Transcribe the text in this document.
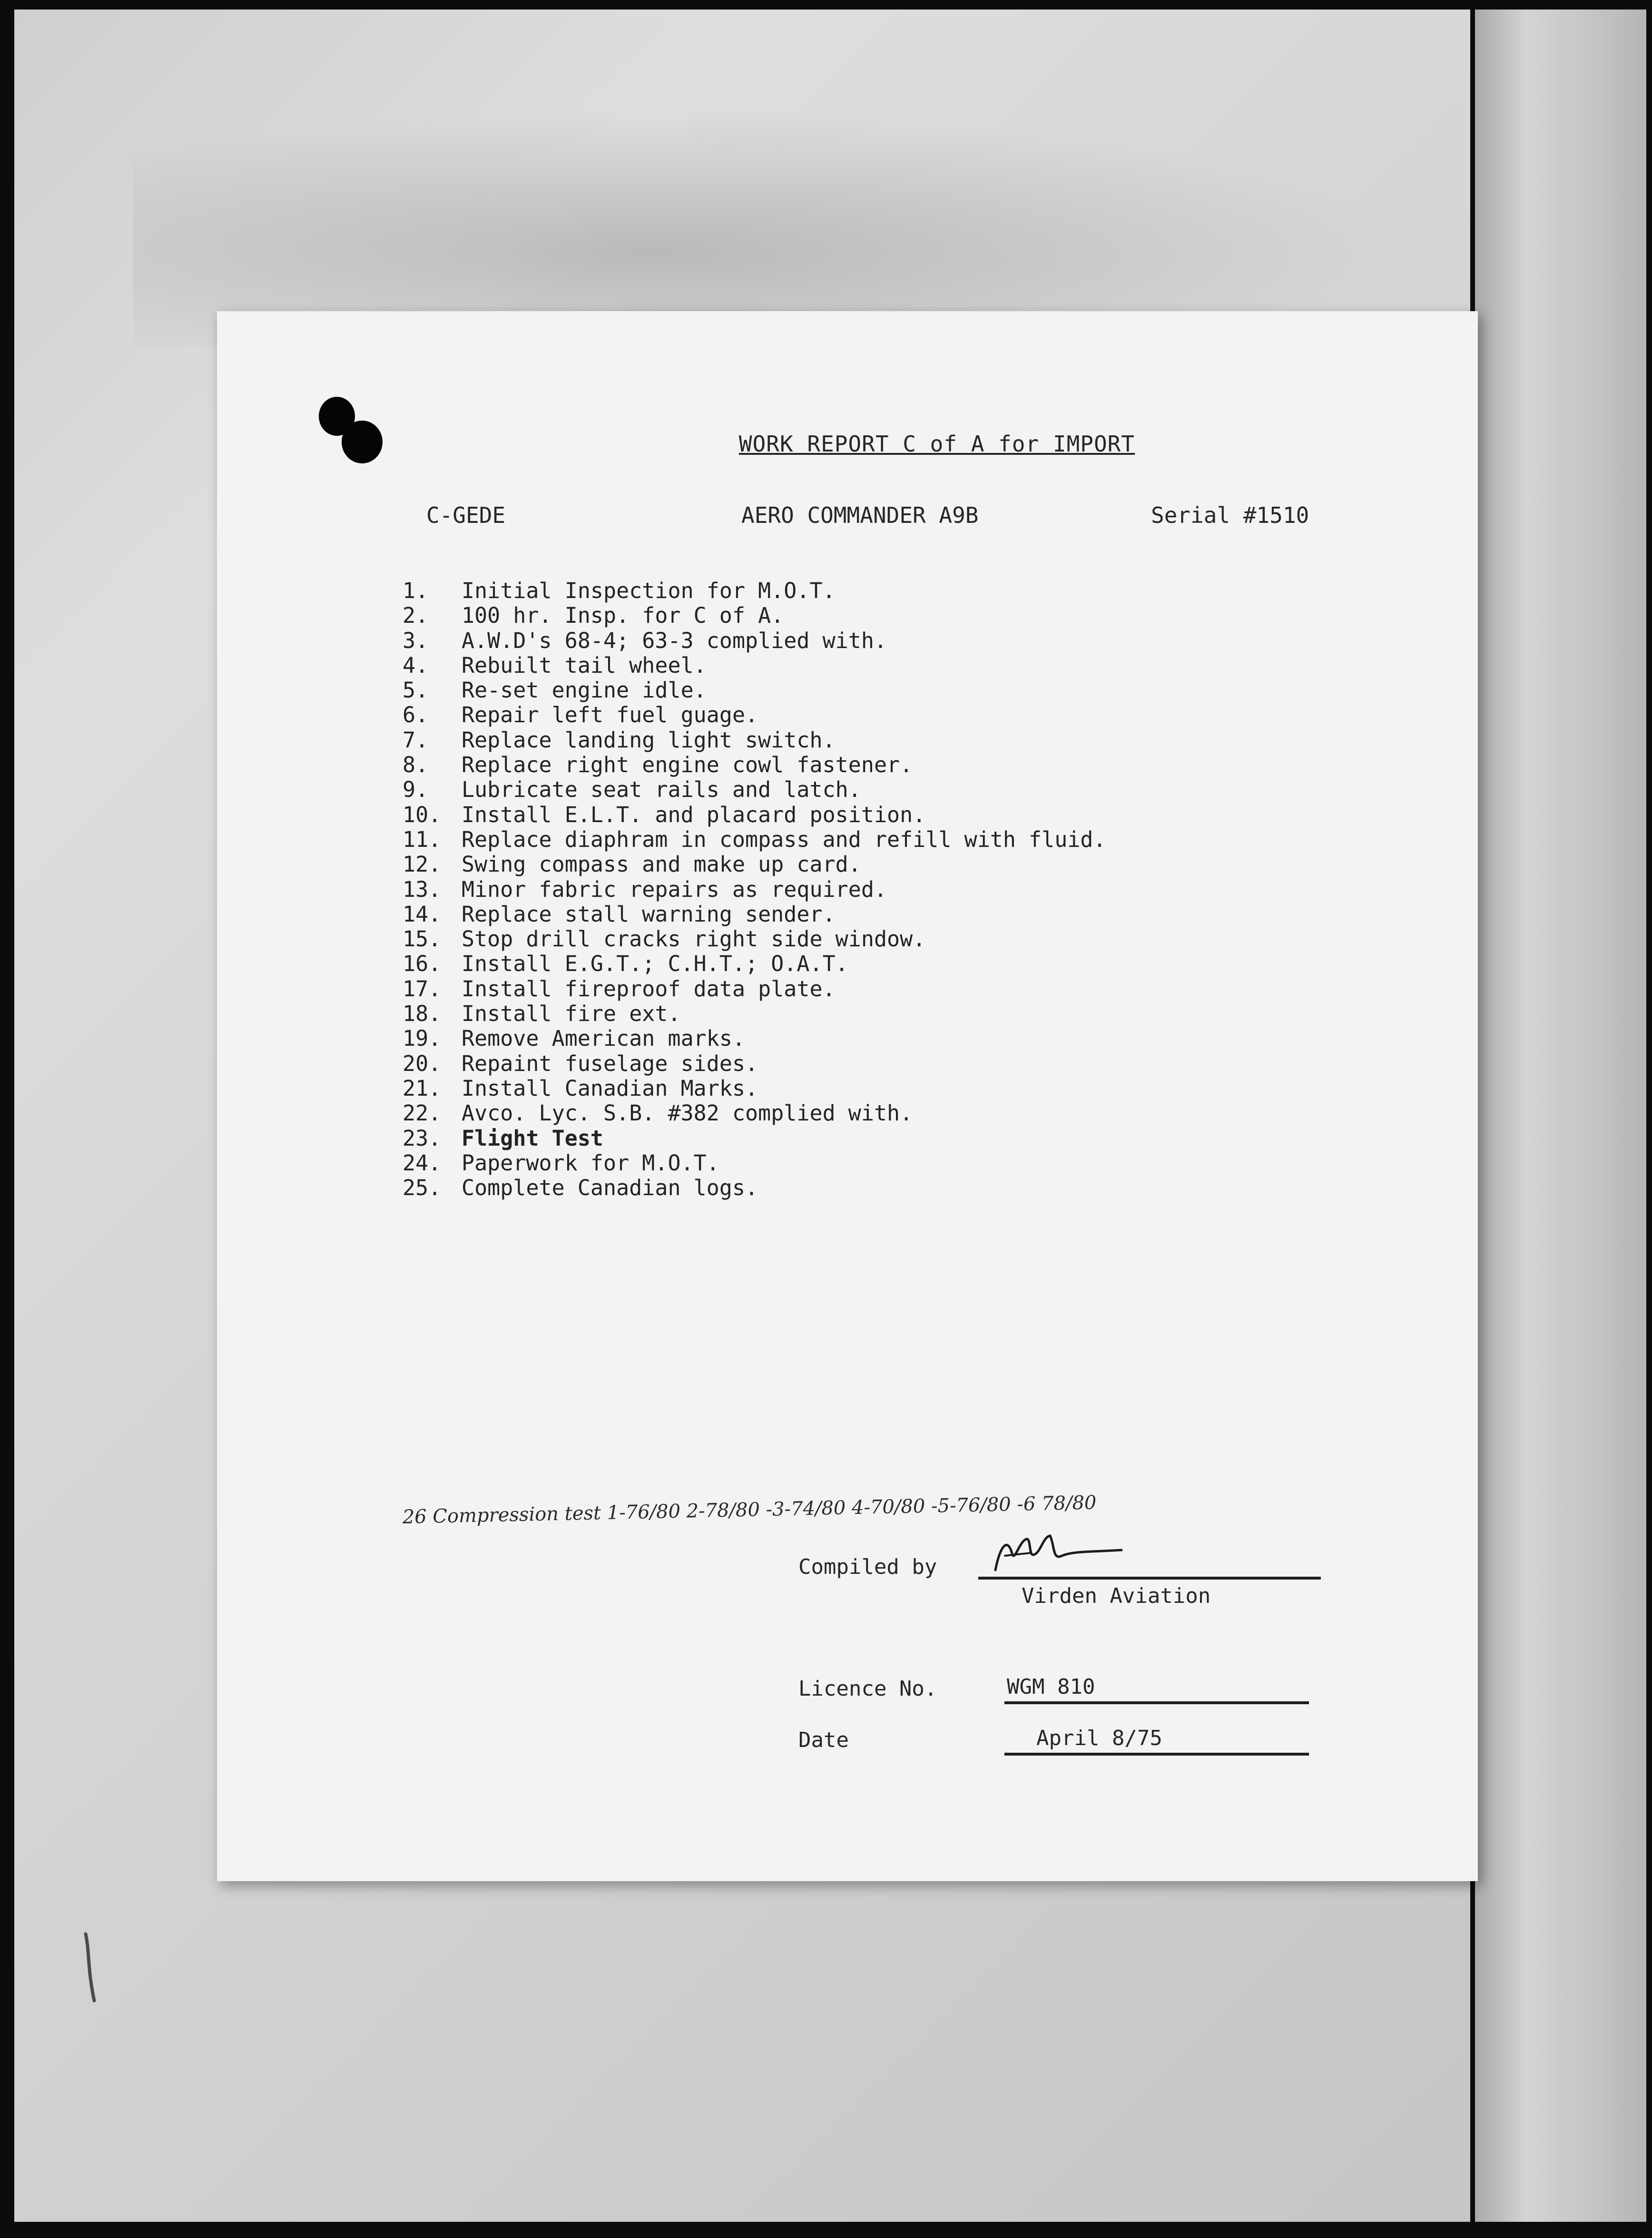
WORK REPORT C of A for IMPORT
C-GEDE	AERO COMMANDER A9B	Serial #1510
1. Initial Inspection for M.O.T.
2. 100 hr. Insp. for C of A.
3. A.W.D's 68-4; 63-3 complied with.
4. Rebuilt tail wheel.
5. Re-set engine idle.
6. Repair left fuel guage.
7. Replace landing light switch.
8. Replace right engine cowl fastener.
9. Lubricate seat rails and latch.
10. Install E.L.T. and placard position.
11. Replace diaphram in compass and refill with fluid.
12. Swing compass and make up card.
13. Minor fabric repairs as required.
14. Replace stall warning sender.
15. Stop drill cracks right side window.
16. Install E.G.T.; C.H.T.; O.A.T.
17. Install fireproof data plate.
18. Install fire ext.
19. Remove American marks.
20. Repaint fuselage sides.
21. Install Canadian Marks.
22. Avco. Lyc. S.B. #382 complied with.
23. Flight Test
24. Paperwork for M.O.T.
25. Complete Canadian logs.
26 Compression test 1-76/80 2-78/80 -3-74/80 4-70/80 -5-76/80 -6 78/80
Compiled by
Virden Aviation
Licence No.	WGM 810
Date	April 8/75
